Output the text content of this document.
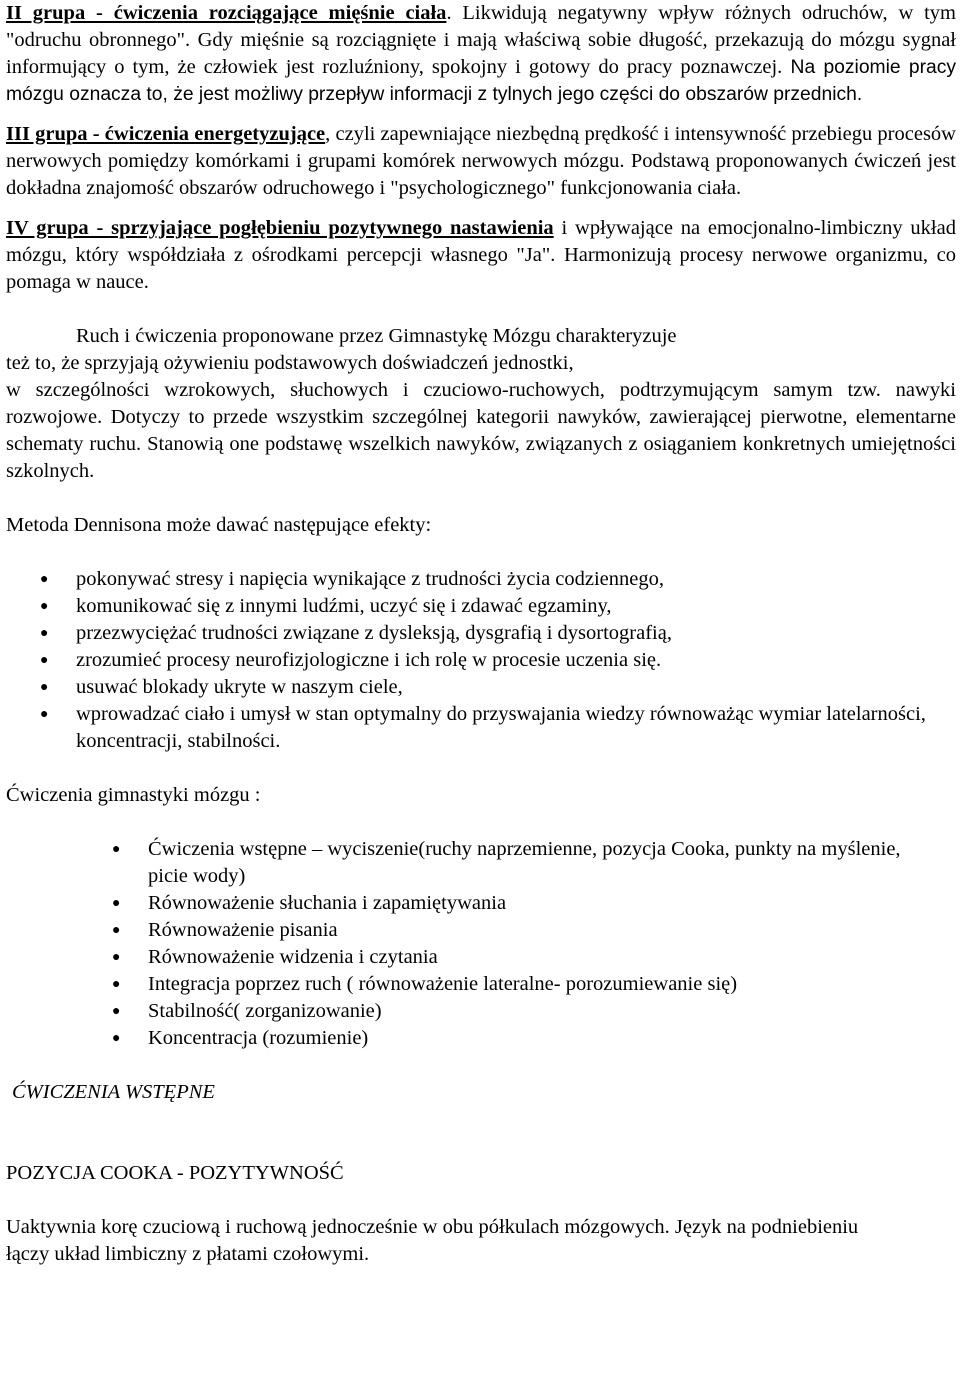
II grupa - ćwiczenia rozciągające mięśnie ciała. Likwidują negatywny wpływ różnych odruchów, w tym "odruchu obronnego". Gdy mięśnie są rozciągnięte i mają właściwą sobie długość, przekazują do mózgu sygnał informujący o tym, że człowiek jest rozluźniony, spokojny i gotowy do pracy poznawczej. Na poziomie pracy mózgu oznacza to, że jest możliwy przepływ informacji z tylnych jego części do obszarów przednich.

III grupa - ćwiczenia energetyzujące, czyli zapewniające niezbędną prędkość i intensywność przebiegu procesów nerwowych pomiędzy komórkami i grupami komórek nerwowych mózgu. Podstawą proponowanych ćwiczeń jest dokładna znajomość obszarów odruchowego i "psychologicznego" funkcjonowania ciała.

IV grupa - sprzyjające pogłębieniu pozytywnego nastawienia i wpływające na emocjonalno-limbiczny układ mózgu, który współdziała z ośrodkami percepcji własnego "Ja". Harmonizują procesy nerwowe organizmu, co pomaga w nauce.

Ruch i ćwiczenia proponowane przez Gimnastykę Mózgu charakteryzuje

też to, że sprzyjają ożywieniu podstawowych doświadczeń jednostki,

w szczególności wzrokowych, słuchowych i czuciowo-ruchowych, podtrzymującym samym tzw. nawyki rozwojowe. Dotyczy to przede wszystkim szczególnej kategorii nawyków, zawierającej pierwotne, elementarne schematy ruchu. Stanowią one podstawę wszelkich nawyków, związanych z osiąganiem konkretnych umiejętności szkolnych.

Metoda Dennisona może dawać następujące efekty:

● pokonywać stresy i napięcia wynikające z trudności życia codziennego,
● komunikować się z innymi ludźmi, uczyć się i zdawać egzaminy,
● przezwyciężać trudności związane z dysleksją, dysgrafią i dysortografią,
● zrozumieć procesy neurofizjologiczne i ich rolę w procesie uczenia się.
● usuwać blokady ukryte w naszym ciele,
● wprowadzać ciało i umysł w stan optymalny do przyswajania wiedzy równoważąc wymiar latelarności, koncentracji, stabilności.

Ćwiczenia gimnastyki mózgu :

● Ćwiczenia wstępne – wyciszenie(ruchy naprzemienne, pozycja Cooka, punkty na myślenie, picie wody)
● Równoważenie słuchania i zapamiętywania
● Równoważenie pisania
● Równoważenie widzenia i czytania
● Integracja poprzez ruch ( równoważenie lateralne- porozumiewanie się)
● Stabilność( zorganizowanie)
● Koncentracja (rozumienie)

ĆWICZENIA WSTĘPNE

POZYCJA COOKA - POZYTYWNOŚĆ

Uaktywnia korę czuciową i ruchową jednocześnie w obu półkulach mózgowych. Język na podniebieniu łączy układ limbiczny z płatami czołowymi.
